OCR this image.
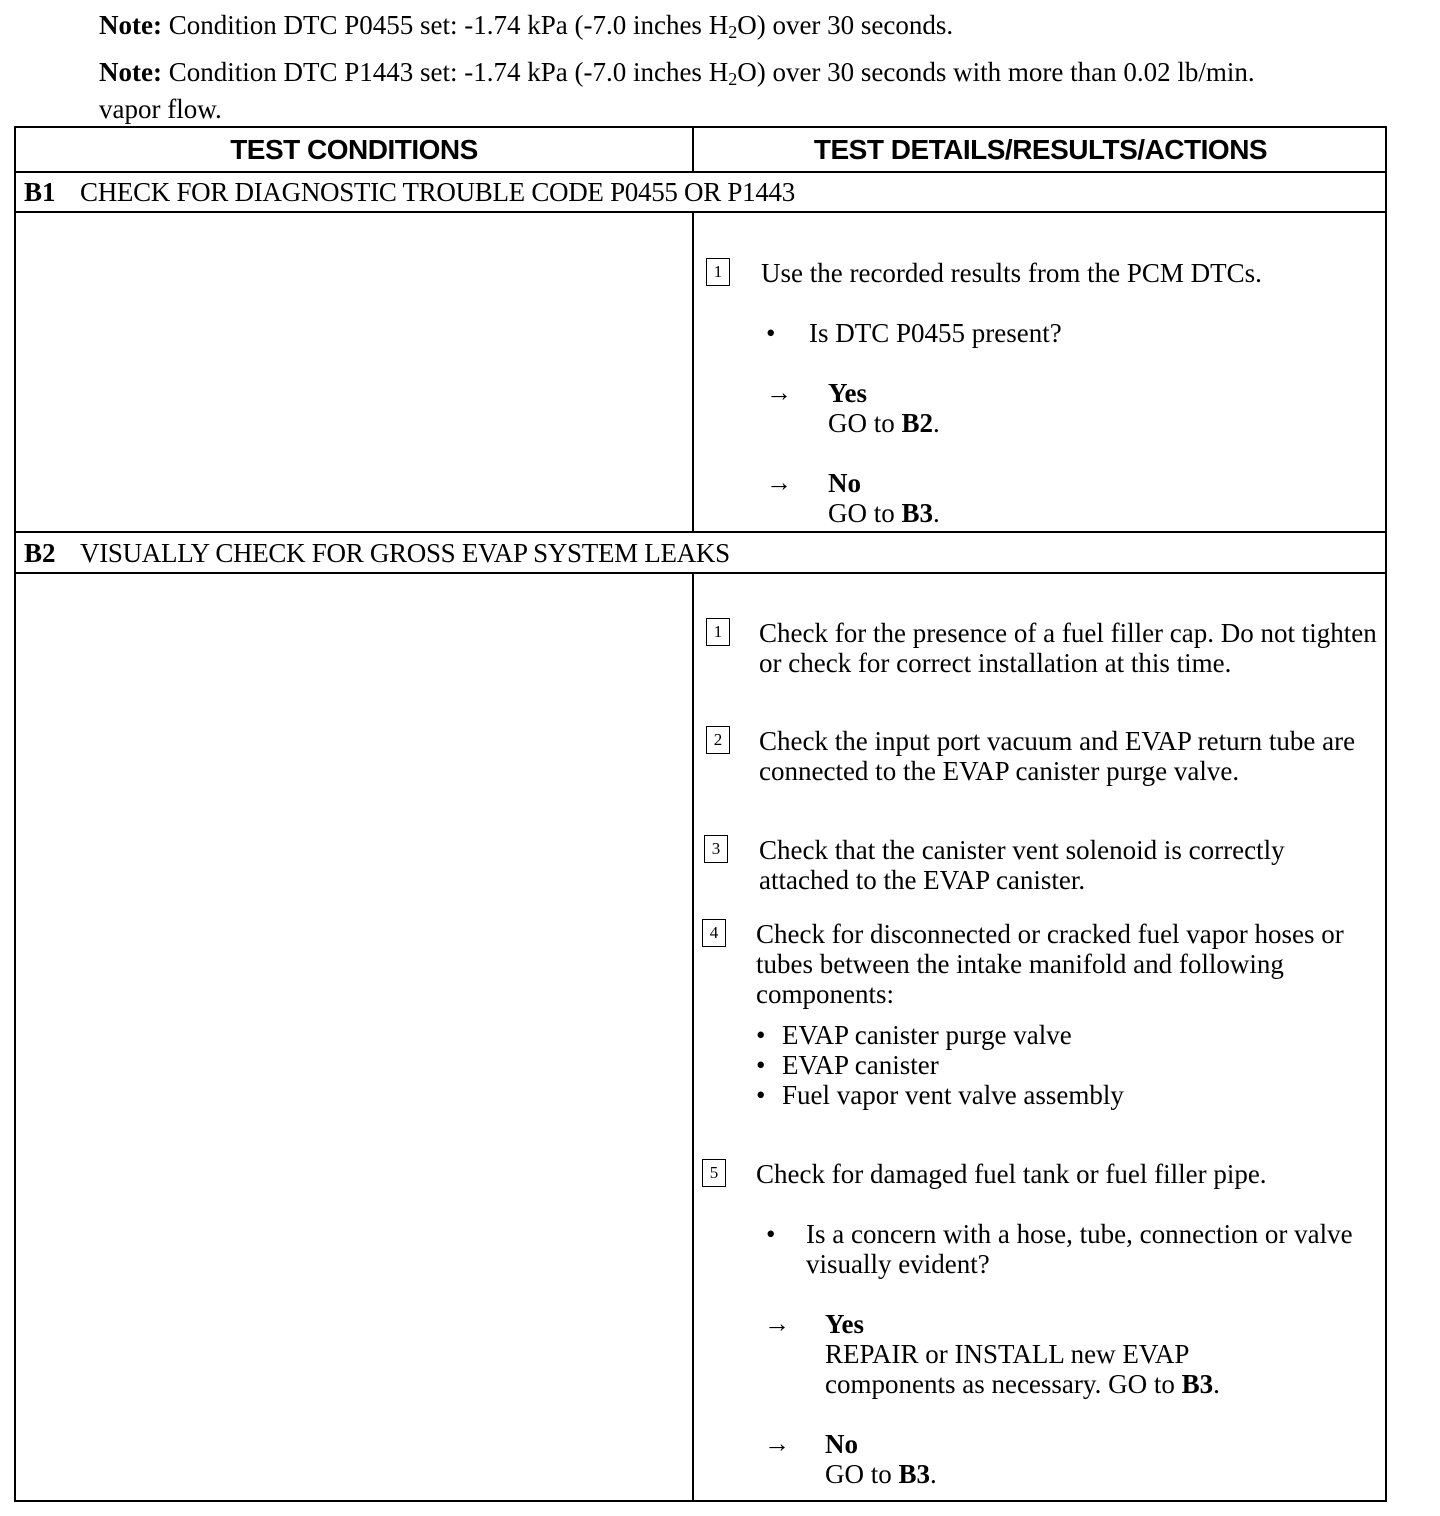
Note: Condition DTC P0455 set: -1.74 kPa (-7.0 inches $H_2O$) over 30 seconds.
Note: Condition DTC P1443 set: -1.74 kPa (-7.0 inches $H_2O$) over 30 seconds with more than 0.02 lb/min. vapor flow.
TEST CONDITIONS	TEST DETAILS/RESULTS/ACTIONS
B1 CHECK FOR DIAGNOSTIC TROUBLE CODE P0455 OR P1443
1 Use the recorded results from the PCM DTCs.
• Is DTC P0455 present?
→ Yes
GO to B2.
→ No
GO to B3.
B2 VISUALLY CHECK FOR GROSS EVAP SYSTEM LEAKS
1 Check for the presence of a fuel filler cap. Do not tighten or check for correct installation at this time.
2 Check the input port vacuum and EVAP return tube are connected to the EVAP canister purge valve.
3 Check that the canister vent solenoid is correctly attached to the EVAP canister.
4 Check for disconnected or cracked fuel vapor hoses or tubes between the intake manifold and following components:
• EVAP canister purge valve
• EVAP canister
• Fuel vapor vent valve assembly
5 Check for damaged fuel tank or fuel filler pipe.
• Is a concern with a hose, tube, connection or valve visually evident?
→ Yes
REPAIR or INSTALL new EVAP components as necessary. GO to B3.
→ No
GO to B3.
